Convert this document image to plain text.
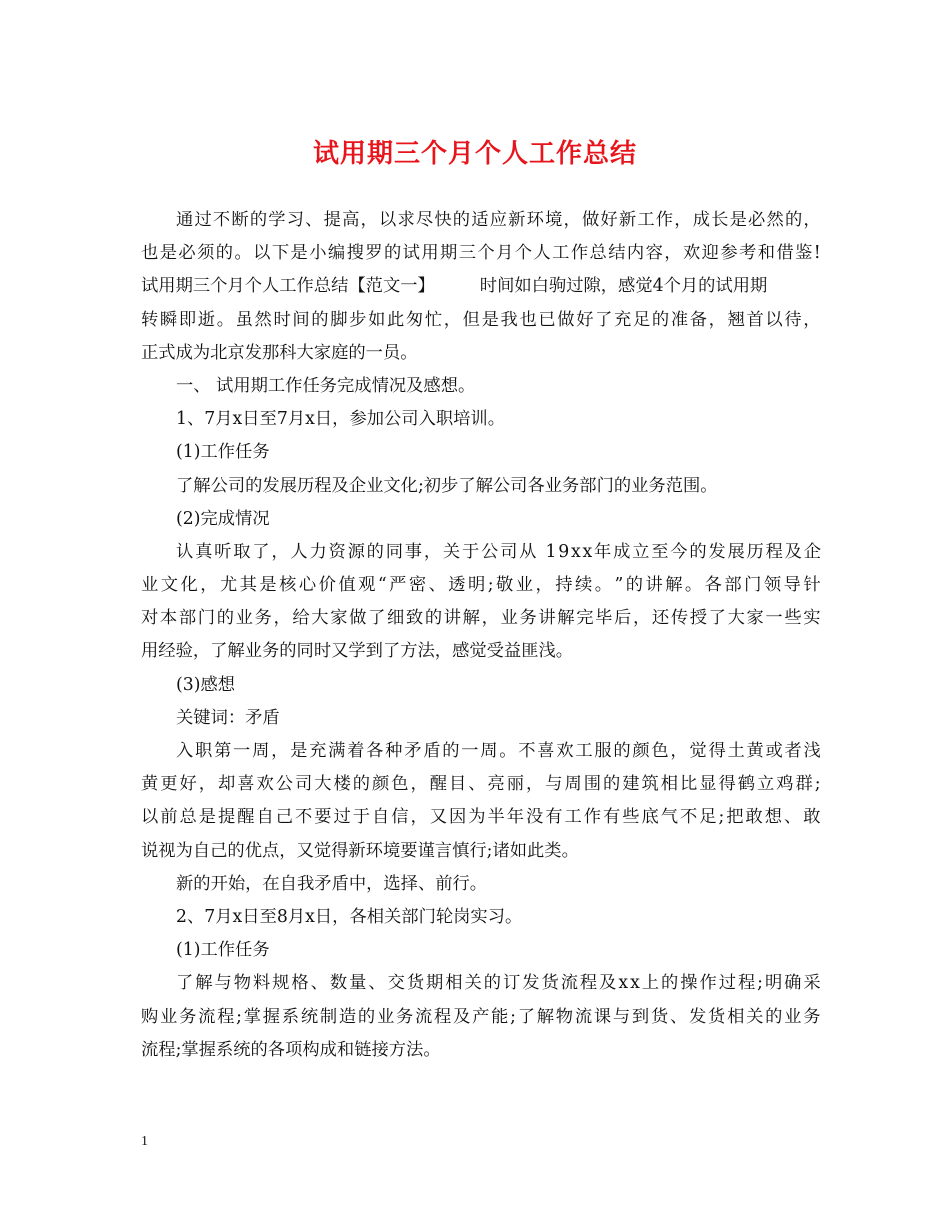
试用期三个月个人工作总结
通 过 不 断 的 学 习 、 提 高 ， 以 求 尽 快 的 适 应 新 环 境 ， 做 好 新 工 作 ， 成 长 是 必 然 的 ，
也 是 必 须 的 。 以 下 是 小 编 搜 罗 的 试 用 期 三 个 月 个 人 工 作 总 结 内 容 ， 欢 迎 参 考 和 借 鉴 !
试用期三个月个人工作总结【范文一】	时间如白驹过隙，感觉4个月的试用期
转 瞬 即 逝 。 虽 然 时 间 的 脚 步 如 此 匆 忙 ， 但 是 我 也 已 做 好 了 充 足 的 准 备 ， 翘 首 以 待 ，
正式成为北京发那科大家庭的一员。
一、 试用期工作任务完成情况及感想。
1、7月x日至7月x日，参加公司入职培训。
(1)工作任务
了解公司的发展历程及企业文化;初步了解公司各业务部门的业务范围。
(2)完成情况
认 真 听 取 了 ， 人 力 资 源 的 同 事 ， 关 于 公 司 从
1 9 x x 年 成 立 至 今 的 发 展 历 程 及 企
业 文 化 ， 尤 其 是 核 心 价 值 观 “ 严 密 、 透 明 ; 敬 业 ， 持 续 。 ” 的 讲 解 。 各 部 门 领 导 针
对 本 部 门 的 业 务 ， 给 大 家 做 了 细 致 的 讲 解 ， 业 务 讲 解 完 毕 后 ， 还 传 授 了 大 家 一 些 实
用经验，了解业务的同时又学到了方法，感觉受益匪浅。
(3)感想
关键词：矛盾
入 职 第 一 周 ， 是 充 满 着 各 种 矛 盾 的 一 周 。 不 喜 欢 工 服 的 颜 色 ， 觉 得 土 黄 或 者 浅
黄 更 好 ， 却 喜 欢 公 司 大 楼 的 颜 色 ， 醒 目 、 亮 丽 ， 与 周 围 的 建 筑 相 比 显 得 鹤 立 鸡 群 ;
以 前 总 是 提 醒 自 己 不 要 过 于 自 信 ， 又 因 为 半 年 没 有 工 作 有 些 底 气 不 足 ; 把 敢 想 、 敢
说视为自己的优点，又觉得新环境要谨言慎行;诸如此类。
新的开始，在自我矛盾中，选择、前行。
2、7月x日至8月x日，各相关部门轮岗实习。
(1)工作任务
了 解 与 物 料 规 格 、 数 量 、 交 货 期 相 关 的 订 发 货 流 程 及 x x 上 的 操 作 过 程 ; 明 确 采
购 业 务 流 程 ; 掌 握 系 统 制 造 的 业 务 流 程 及 产 能 ; 了 解 物 流 课 与 到 货 、 发 货 相 关 的 业 务
流程;掌握系统的各项构成和链接方法。
1
